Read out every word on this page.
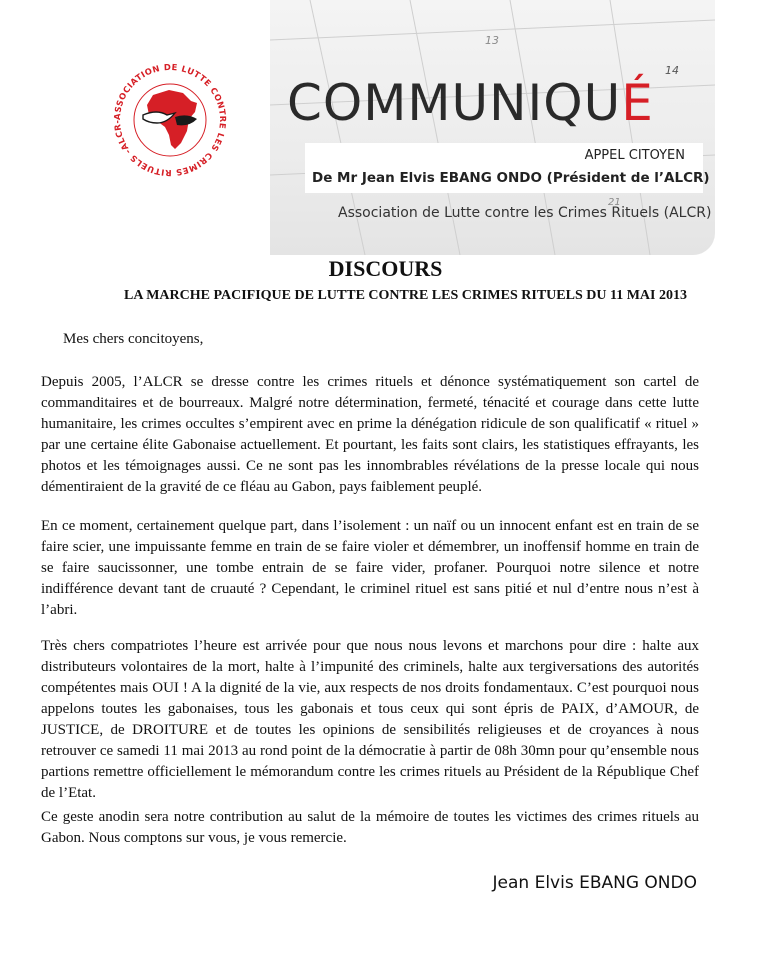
13
14
21
ASSOCIATION DE LUTTE CONTRE LES CRIMES RITUELS -ALCR-	COMMUNIQUÉ
APPEL CITOYEN
De Mr Jean Elvis EBANG ONDO (Président de l’ALCR)
Association de Lutte contre les Crimes Rituels (ALCR)
DISCOURS
LA MARCHE PACIFIQUE DE LUTTE CONTRE LES CRIMES RITUELS DU 11 MAI 2013
Mes chers concitoyens,
Depuis 2005, l’ALCR se dresse contre les crimes rituels et dénonce systématiquement son cartel de commanditaires et de bourreaux. Malgré notre détermination, fermeté, ténacité et courage dans cette lutte humanitaire, les crimes occultes s’empirent avec en prime la dénégation ridicule de son qualificatif « rituel » par une certaine élite Gabonaise actuellement. Et pourtant, les faits sont clairs, les statistiques effrayants, les photos et les témoignages aussi. Ce ne sont pas les innombrables révélations de la presse locale qui nous démentiraient de la gravité de ce fléau au Gabon, pays faiblement peuplé.
En ce moment, certainement quelque part, dans l’isolement : un naïf ou un innocent enfant est en train de se faire scier, une impuissante femme en train de se faire violer et démembrer, un inoffensif homme en train de se faire saucissonner, une tombe entrain de se faire vider, profaner. Pourquoi notre silence et notre indifférence devant tant de cruauté ? Cependant, le criminel rituel est sans pitié et nul d’entre nous n’est à l’abri.
Très chers compatriotes l’heure est arrivée pour que nous nous levons et marchons pour dire : halte aux distributeurs volontaires de la mort, halte à l’impunité des criminels, halte aux tergiversations des autorités compétentes mais OUI ! A la dignité de la vie, aux respects de nos droits fondamentaux. C’est pourquoi nous appelons toutes les gabonaises, tous les gabonais et tous ceux qui sont épris de PAIX, d’AMOUR, de JUSTICE, de DROITURE et de toutes les opinions de sensibilités religieuses et de croyances à nous retrouver ce samedi 11 mai 2013 au rond point de la démocratie à partir de 08h 30mn pour qu’ensemble nous partions remettre officiellement le mémorandum contre les crimes rituels au Président de la République Chef de l’Etat.
Ce geste anodin sera notre contribution au salut de la mémoire de toutes les victimes des crimes rituels au Gabon. Nous comptons sur vous, je vous remercie.
Jean Elvis EBANG ONDO
